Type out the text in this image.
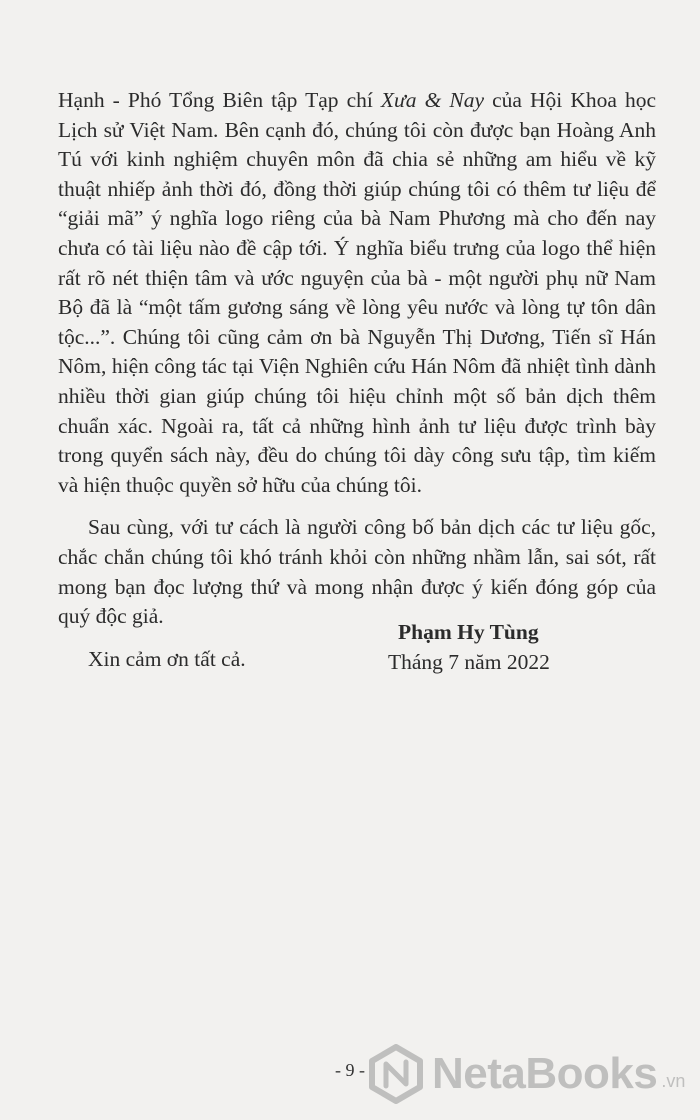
Hạnh - Phó Tổng Biên tập Tạp chí Xưa & Nay của Hội Khoa học Lịch sử Việt Nam. Bên cạnh đó, chúng tôi còn được bạn Hoàng Anh Tú với kinh nghiệm chuyên môn đã chia sẻ những am hiểu về kỹ thuật nhiếp ảnh thời đó, đồng thời giúp chúng tôi có thêm tư liệu để “giải mã” ý nghĩa logo riêng của bà Nam Phương mà cho đến nay chưa có tài liệu nào đề cập tới. Ý nghĩa biểu trưng của logo thể hiện rất rõ nét thiện tâm và ước nguyện của bà - một người phụ nữ Nam Bộ đã là “một tấm gương sáng về lòng yêu nước và lòng tự tôn dân tộc...”. Chúng tôi cũng cảm ơn bà Nguyễn Thị Dương, Tiến sĩ Hán Nôm, hiện công tác tại Viện Nghiên cứu Hán Nôm đã nhiệt tình dành nhiều thời gian giúp chúng tôi hiệu chỉnh một số bản dịch thêm chuẩn xác. Ngoài ra, tất cả những hình ảnh tư liệu được trình bày trong quyển sách này, đều do chúng tôi dày công sưu tập, tìm kiếm và hiện thuộc quyền sở hữu của chúng tôi.

Sau cùng, với tư cách là người công bố bản dịch các tư liệu gốc, chắc chắn chúng tôi khó tránh khỏi còn những nhầm lẫn, sai sót, rất mong bạn đọc lượng thứ và mong nhận được ý kiến đóng góp của quý độc giả.

Xin cảm ơn tất cả.

Phạm Hy Tùng

Tháng 7 năm 2022

- 9 -	NetaBooks .vn
